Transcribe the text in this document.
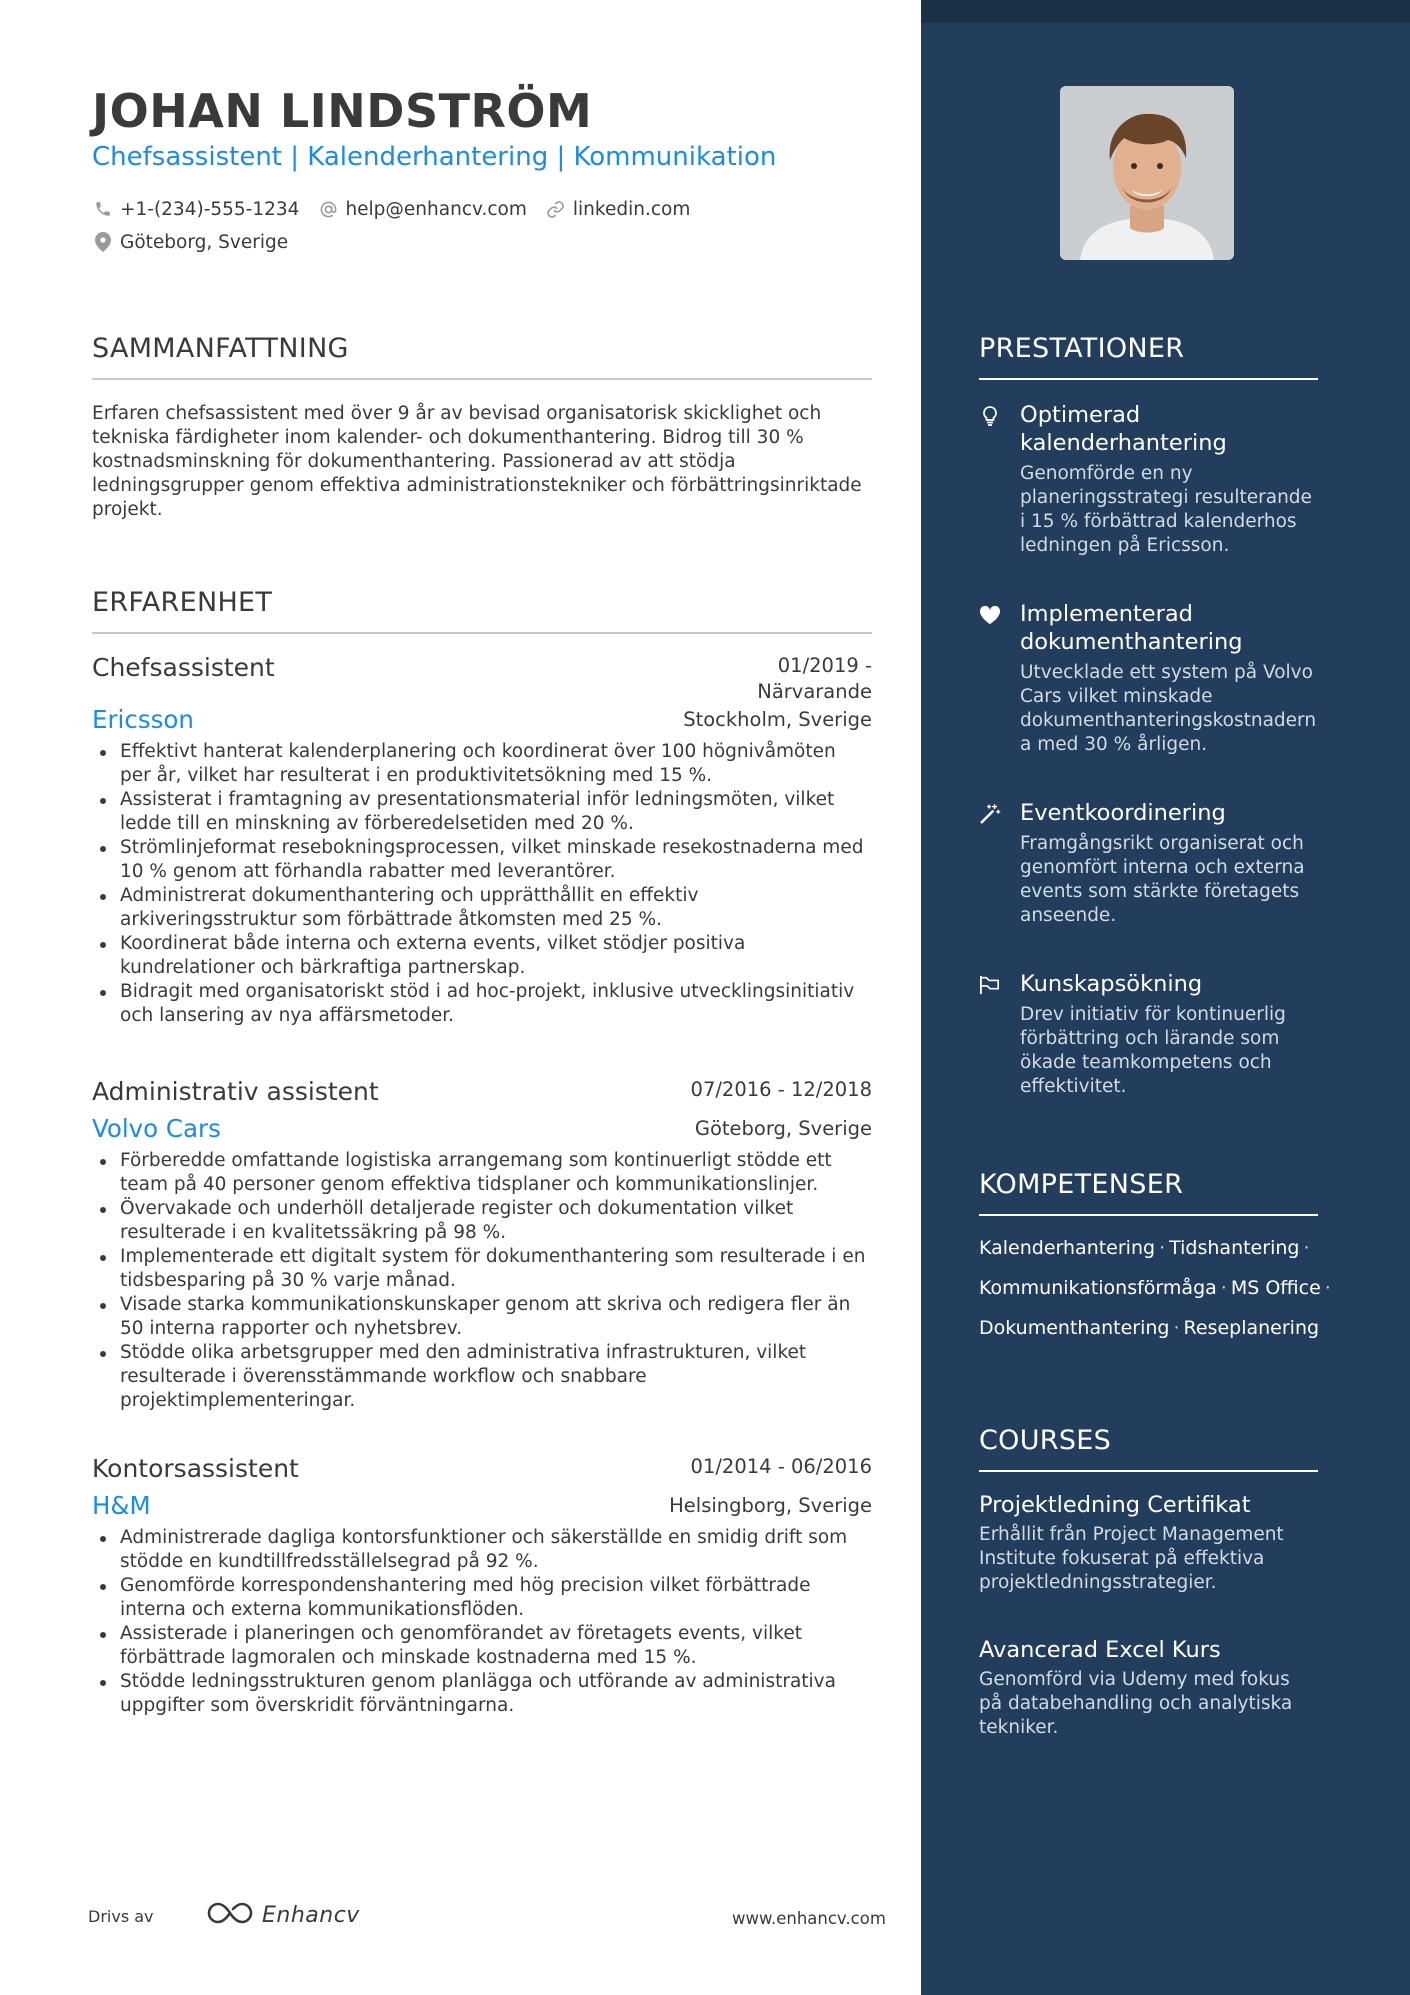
JOHAN LINDSTRÖM
Chefsassistent | Kalenderhantering | Kommunikation
+1-(234)-555-1234 help@enhancv.com linkedin.com
Göteborg, Sverige
SAMMANFATTNING
Erfaren chefsassistent med över 9 år av bevisad organisatorisk skicklighet och tekniska färdigheter inom kalender- och dokumenthantering. Bidrog till 30 % kostnadsminskning för dokumenthantering. Passionerad av att stödja ledningsgrupper genom effektiva administrationstekniker och förbättringsinriktade projekt.
ERFARENHET
Chefsassistent	01/2019 - Närvarande
Ericsson	Stockholm, Sverige
Effektivt hanterat kalenderplanering och koordinerat över 100 högnivåmöten per år, vilket har resulterat i en produktivitetsökning med 15 %.
Assisterat i framtagning av presentationsmaterial inför ledningsmöten, vilket ledde till en minskning av förberedelsetiden med 20 %.
Strömlinjeformat resebokningsprocessen, vilket minskade resekostnaderna med 10 % genom att förhandla rabatter med leverantörer.
Administrerat dokumenthantering och upprätthållit en effektiv arkiveringsstruktur som förbättrade åtkomsten med 25 %.
Koordinerat både interna och externa events, vilket stödjer positiva kundrelationer och bärkraftiga partnerskap.
Bidragit med organisatoriskt stöd i ad hoc-projekt, inklusive utvecklingsinitiativ och lansering av nya affärsmetoder.
Administrativ assistent	07/2016 - 12/2018
Volvo Cars	Göteborg, Sverige
Förberedde omfattande logistiska arrangemang som kontinuerligt stödde ett team på 40 personer genom effektiva tidsplaner och kommunikationslinjer.
Övervakade och underhöll detaljerade register och dokumentation vilket resulterade i en kvalitetssäkring på 98 %.
Implementerade ett digitalt system för dokumenthantering som resulterade i en tidsbesparing på 30 % varje månad.
Visade starka kommunikationskunskaper genom att skriva och redigera fler än 50 interna rapporter och nyhetsbrev.
Stödde olika arbetsgrupper med den administrativa infrastrukturen, vilket resulterade i överensstämmande workflow och snabbare projektimplementeringar.
Kontorsassistent	01/2014 - 06/2016
H&M	Helsingborg, Sverige
Administrerade dagliga kontorsfunktioner och säkerställde en smidig drift som stödde en kundtillfredsställelsegrad på 92 %.
Genomförde korrespondenshantering med hög precision vilket förbättrade interna och externa kommunikationsflöden.
Assisterade i planeringen och genomförandet av företagets events, vilket förbättrade lagmoralen och minskade kostnaderna med 15 %.
Stödde ledningsstrukturen genom planlägga och utförande av administrativa uppgifter som överskridit förväntningarna.
Drivs av	Enhancv	www.enhancv.com
PRESTATIONER
Optimerad kalenderhantering
Genomförde en ny planeringsstrategi resulterande i 15 % förbättrad kalenderhos ledningen på Ericsson.
Implementerad dokumenthantering
Utvecklade ett system på Volvo Cars vilket minskade dokumenthanteringskostnadern a med 30 % årligen.
Eventkoordinering
Framgångsrikt organiserat och genomfört interna och externa events som stärkte företagets anseende.
Kunskapsökning
Drev initiativ för kontinuerlig förbättring och lärande som ökade teamkompetens och effektivitet.
KOMPETENSER
Kalenderhantering · Tidshantering ·
Kommunikationsförmåga · MS Office ·
Dokumenthantering · Reseplanering
COURSES
Projektledning Certifikat
Erhållit från Project Management Institute fokuserat på effektiva projektledningsstrategier.
Avancerad Excel Kurs
Genomförd via Udemy med fokus på databehandling och analytiska tekniker.
